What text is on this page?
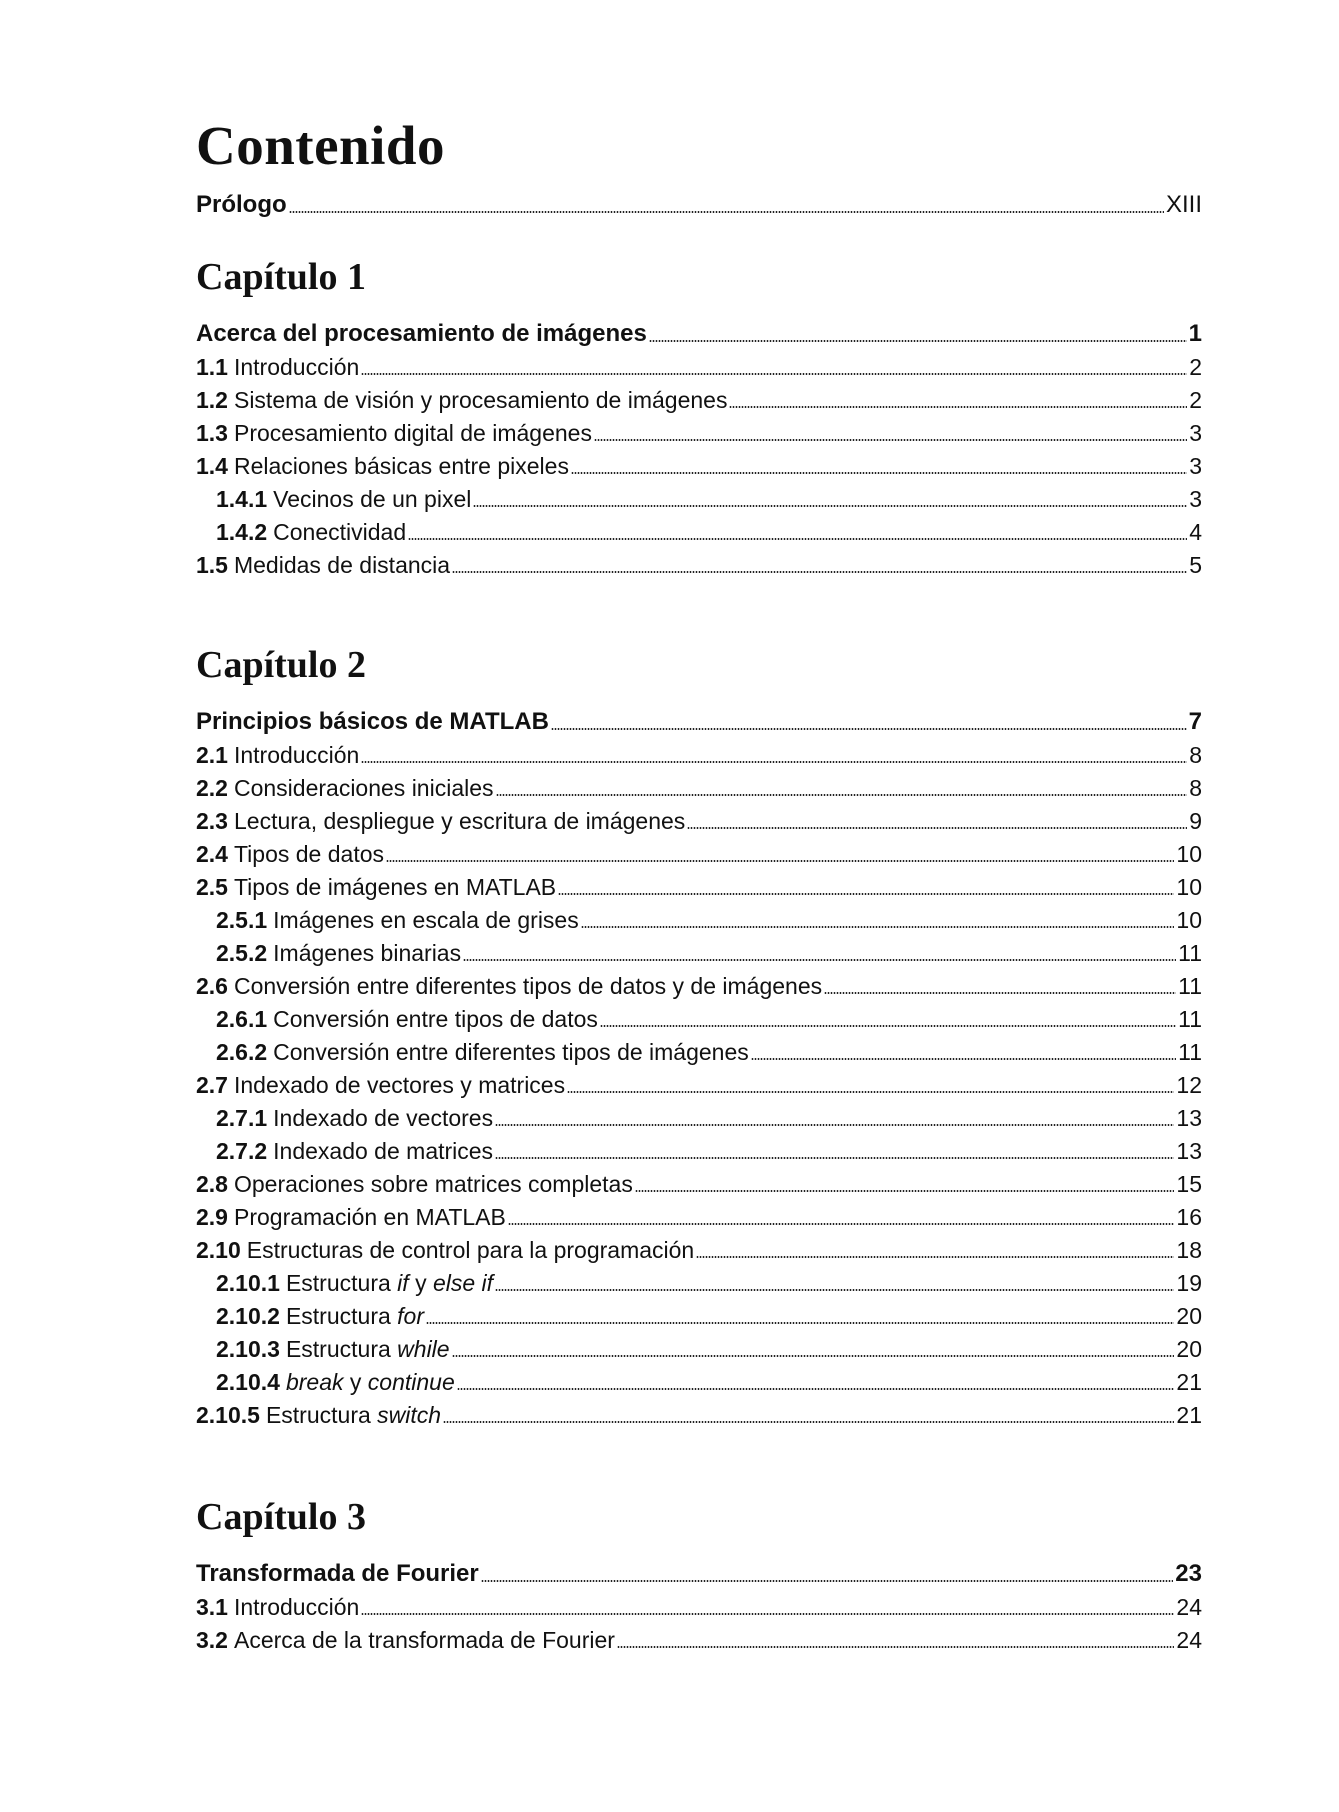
Contenido
Prólogo	XIII
Capítulo 1
Acerca del procesamiento de imágenes	1
1.1 Introducción	2
1.2 Sistema de visión y procesamiento de imágenes	2
1.3 Procesamiento digital de imágenes	3
1.4 Relaciones básicas entre pixeles	3
1.4.1 Vecinos de un pixel	3
1.4.2 Conectividad	4
1.5 Medidas de distancia	5
Capítulo 2
Principios básicos de MATLAB	7
2.1 Introducción	8
2.2 Consideraciones iniciales	8
2.3 Lectura, despliegue y escritura de imágenes	9
2.4 Tipos de datos	10
2.5 Tipos de imágenes en MATLAB	10
2.5.1 Imágenes en escala de grises	10
2.5.2 Imágenes binarias	11
2.6 Conversión entre diferentes tipos de datos y de imágenes	11
2.6.1 Conversión entre tipos de datos	11
2.6.2 Conversión entre diferentes tipos de imágenes	11
2.7 Indexado de vectores y matrices	12
2.7.1 Indexado de vectores	13
2.7.2 Indexado de matrices	13
2.8 Operaciones sobre matrices completas	15
2.9 Programación en MATLAB	16
2.10 Estructuras de control para la programación	18
2.10.1 Estructura if y else if	19
2.10.2 Estructura for	20
2.10.3 Estructura while	20
2.10.4 break y continue	21
2.10.5 Estructura switch	21
Capítulo 3
Transformada de Fourier	23
3.1 Introducción	24
3.2 Acerca de la transformada de Fourier	24
